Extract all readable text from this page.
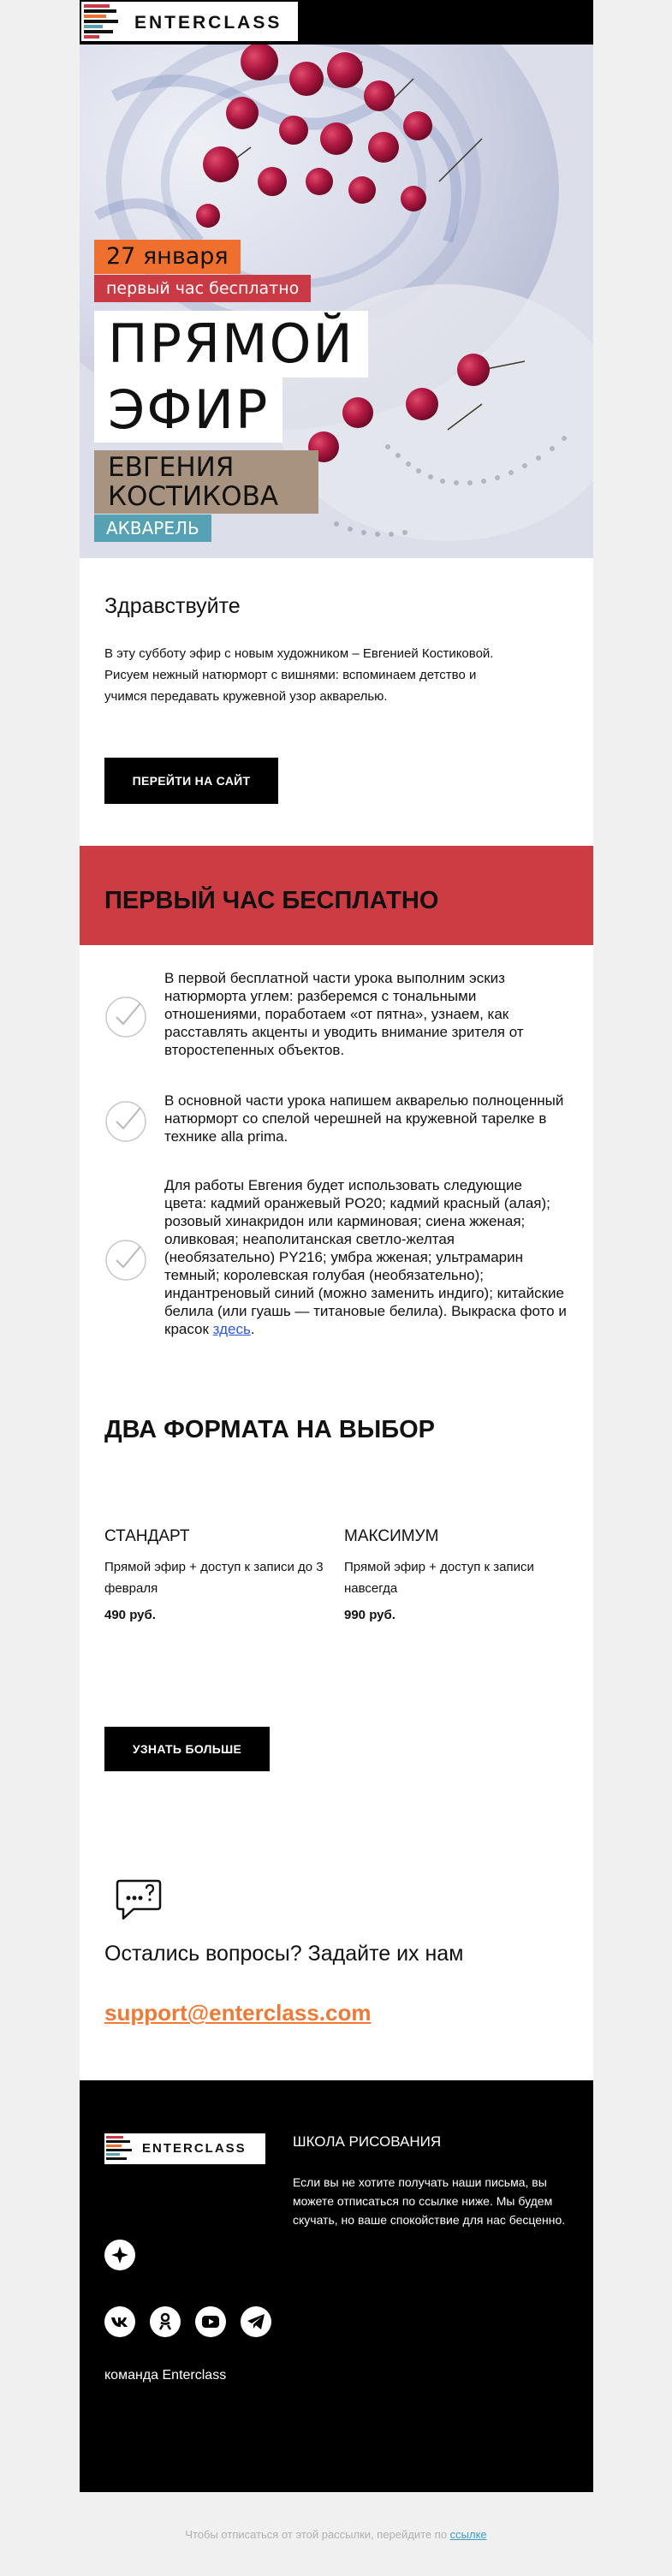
ENTERCLASS
27 января
первый час бесплатно
ПРЯМОЙ
ЭФИР
ЕВГЕНИЯ КОСТИКОВА
АКВАРЕЛЬ
Здравствуйте
В эту субботу эфир с новым художником – Евгенией Костиковой. Рисуем нежный натюрморт с вишнями: вспоминаем детство и учимся передавать кружевной узор акварелью.
ПЕРЕЙТИ НА САЙТ
ПЕРВЫЙ ЧАС БЕСПЛАТНО
В первой бесплатной части урока выполним эскиз натюрморта углем: разберемся с тональными отношениями, поработаем «от пятна», узнаем, как расставлять акценты и уводить внимание зрителя от второстепенных объектов.
В основной части урока напишем акварелью полноценный натюрморт со спелой черешней на кружевной тарелке в технике alla prima.
Для работы Евгения будет использовать следующие цвета: кадмий оранжевый PO20; кадмий красный (алая); розовый хинакридон или карминовая; сиена жженая; оливковая; неаполитанская светло-желтая (необязательно) PY216; умбра жженая; ультрамарин темный; королевская голубая (необязательно); индантреновый синий (можно заменить индиго); китайские белила (или гуашь — титановые белила). Выкраска фото и красок здесь.
ДВА ФОРМАТА НА ВЫБОР
СТАНДАРТ
Прямой эфир + доступ к записи до 3 февраля
490 руб.
МАКСИМУМ
Прямой эфир + доступ к записи навсегда
990 руб.
УЗНАТЬ БОЛЬШЕ
Остались вопросы? Задайте их нам
support@enterclass.com
ENTERCLASS	ШКОЛА РИСОВАНИЯ
Если вы не хотите получать наши письма, вы можете отписаться по ссылке ниже. Мы будем скучать, но ваше спокойствие для нас бесценно.
команда Enterclass
Чтобы отписаться от этой рассылки, перейдите по ссылке
